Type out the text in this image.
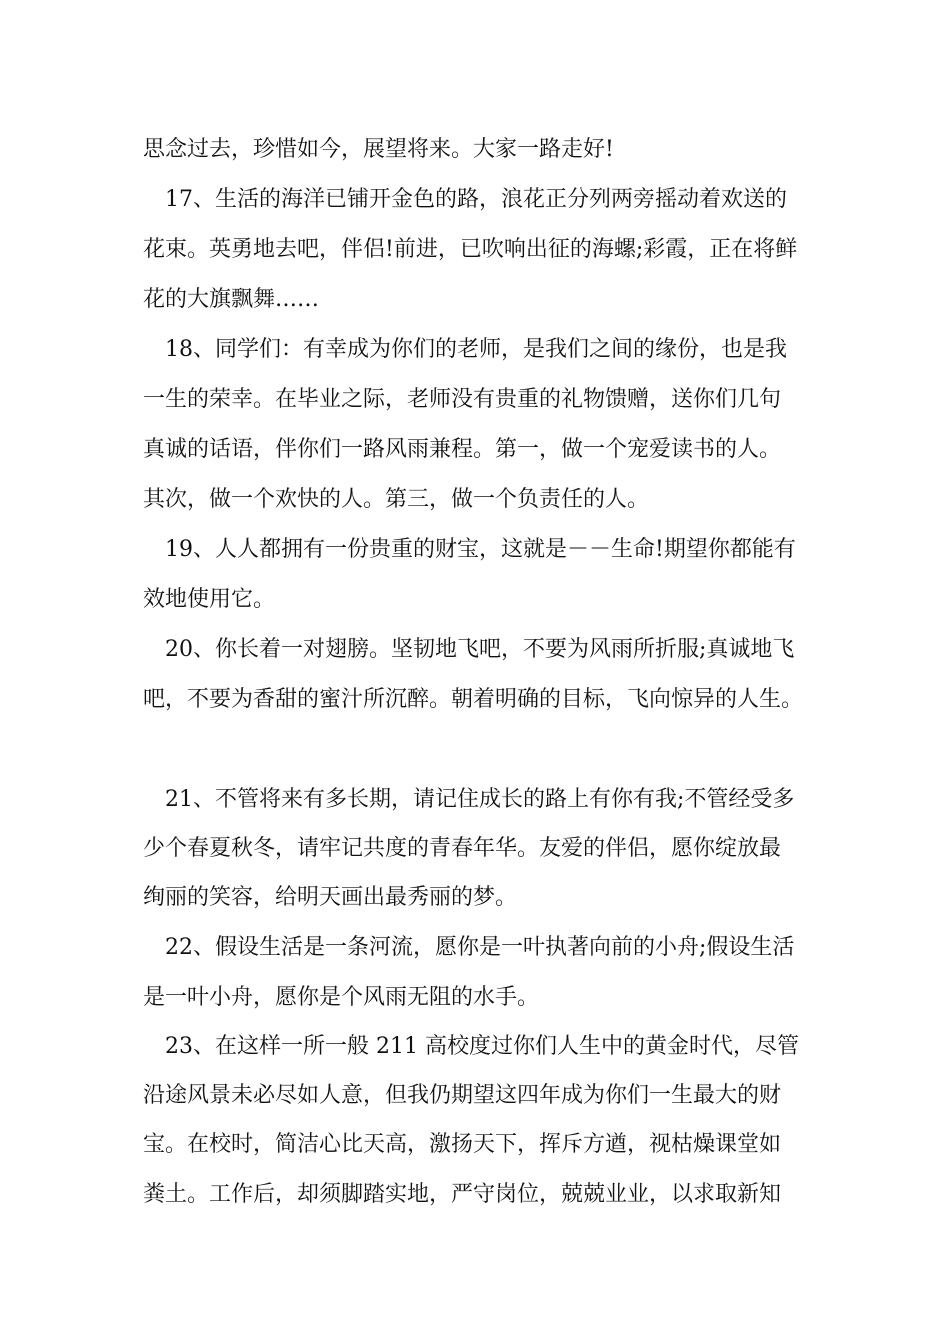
思念过去，珍惜如今，展望将来。大家一路走好!
17、生活的海洋已铺开金色的路，浪花正分列两旁摇动着欢送的
花束。英勇地去吧，伴侣!前进，已吹响出征的海螺;彩霞，正在将鲜
花的大旗飘舞……
18、同学们：有幸成为你们的老师，是我们之间的缘份，也是我
一生的荣幸。在毕业之际，老师没有贵重的礼物馈赠，送你们几句
真诚的话语，伴你们一路风雨兼程。第一，做一个宠爱读书的人。
其次，做一个欢快的人。第三，做一个负责任的人。
19、人人都拥有一份贵重的财宝，这就是－－生命!期望你都能有
效地使用它。
20、你长着一对翅膀。坚韧地飞吧，不要为风雨所折服;真诚地飞
吧，不要为香甜的蜜汁所沉醉。朝着明确的目标，飞向惊异的人生。
21、不管将来有多长期，请记住成长的路上有你有我;不管经受多
少个春夏秋冬，请牢记共度的青春年华。友爱的伴侣，愿你绽放最
绚丽的笑容，给明天画出最秀丽的梦。
22、假设生活是一条河流，愿你是一叶执著向前的小舟;假设生活
是一叶小舟，愿你是个风雨无阻的水手。
23、在这样一所一般 211 高校度过你们人生中的黄金时代，尽管
沿途风景未必尽如人意，但我仍期望这四年成为你们一生最大的财
宝。在校时，简洁心比天高，激扬天下，挥斥方遒，视枯燥课堂如
粪土。工作后，却须脚踏实地，严守岗位，兢兢业业，以求取新知
